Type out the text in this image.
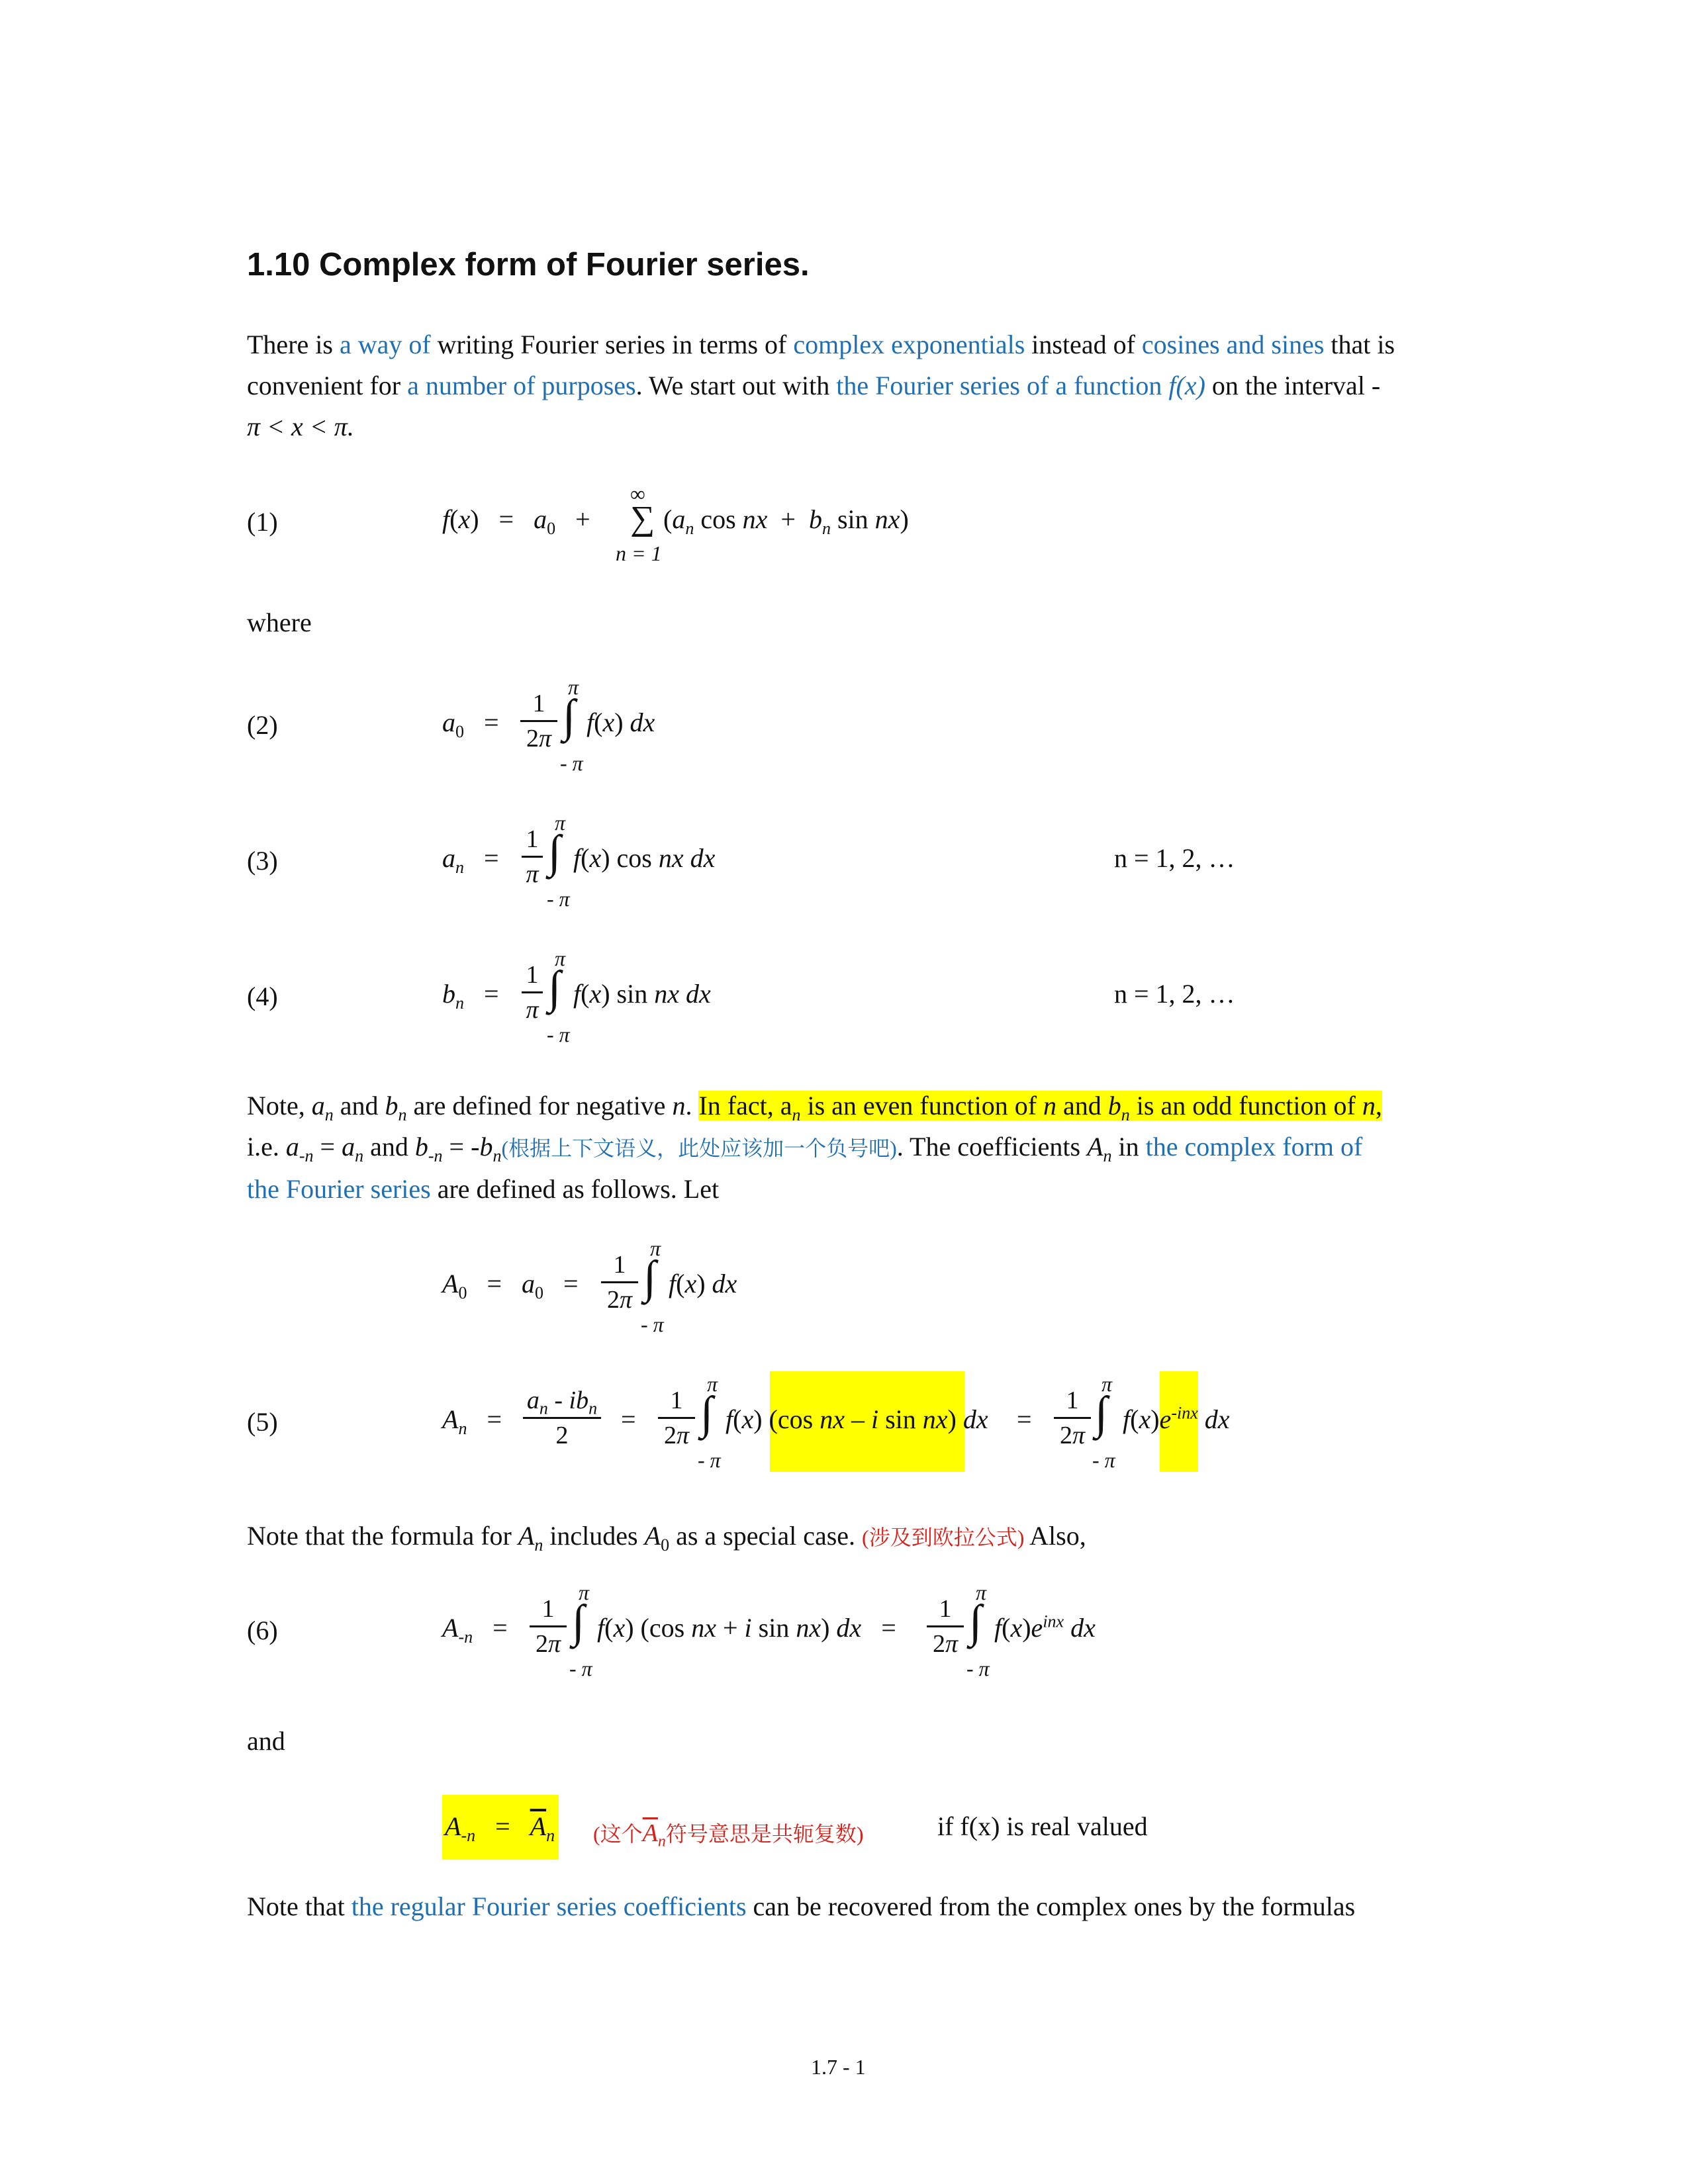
1.10 Complex form of Fourier series.
There is a way of writing Fourier series in terms of complex exponentials instead of cosines and sines that is
convenient for a number of purposes. We start out with the Fourier series of a function f(x) on the interval -
π < x < π.
(1)	$f(x) = a_0$   +
∞
∑
n = 1
($a_n$ cos nx  +  $b_n$ sin nx)
where
(2)	$a_0$   =
1
2π
π
∫
- π
f(x) dx
(3)	$a_n$   =
1
π
π
∫
- π
f(x) cos nx dx	n = 1, 2, …
(4)	$b_n$   =
1
π
π
∫
- π
f(x) sin nx dx	n = 1, 2, …
Note, $a_n$ and $b_n$ are defined for negative n. In fact, $a_n$ is an even function of n and $b_n$ is an odd function of n,
i.e. $a_{-n} = a_n$ and $b_{-n} = -b_n$(根据上下文语义，此处应该加一个负号吧). The coefficients $A_n$ in the complex form of
the Fourier series are defined as follows. Let
$A_0 = a_0$   =
1
2π
π
∫
- π
f(x) dx
(5)	$A_n$   =
$a_n - ib_n$
2
=
1
2π
π
∫
- π
f(x) (cos nx – i sin nx) dx =
1
2π
π
∫
- π
$f(x)e^{-inx}$ dx
Note that the formula for $A_n$ includes $A_0$ as a special case. (涉及到欧拉公式) Also,
(6)	$A_{-n}$   =
1
2π
π
∫
- π
f(x) (cos nx + i sin nx) dx   =
1
2π
π
∫
- π
$f(x)e^{inx}$ dx
and
$A_{-n} = \overline{A}_n$ (这个$\overline{A}_n$符号意思是共轭复数)	if f(x) is real valued
Note that the regular Fourier series coefficients can be recovered from the complex ones by the formulas
1.7 - 1
